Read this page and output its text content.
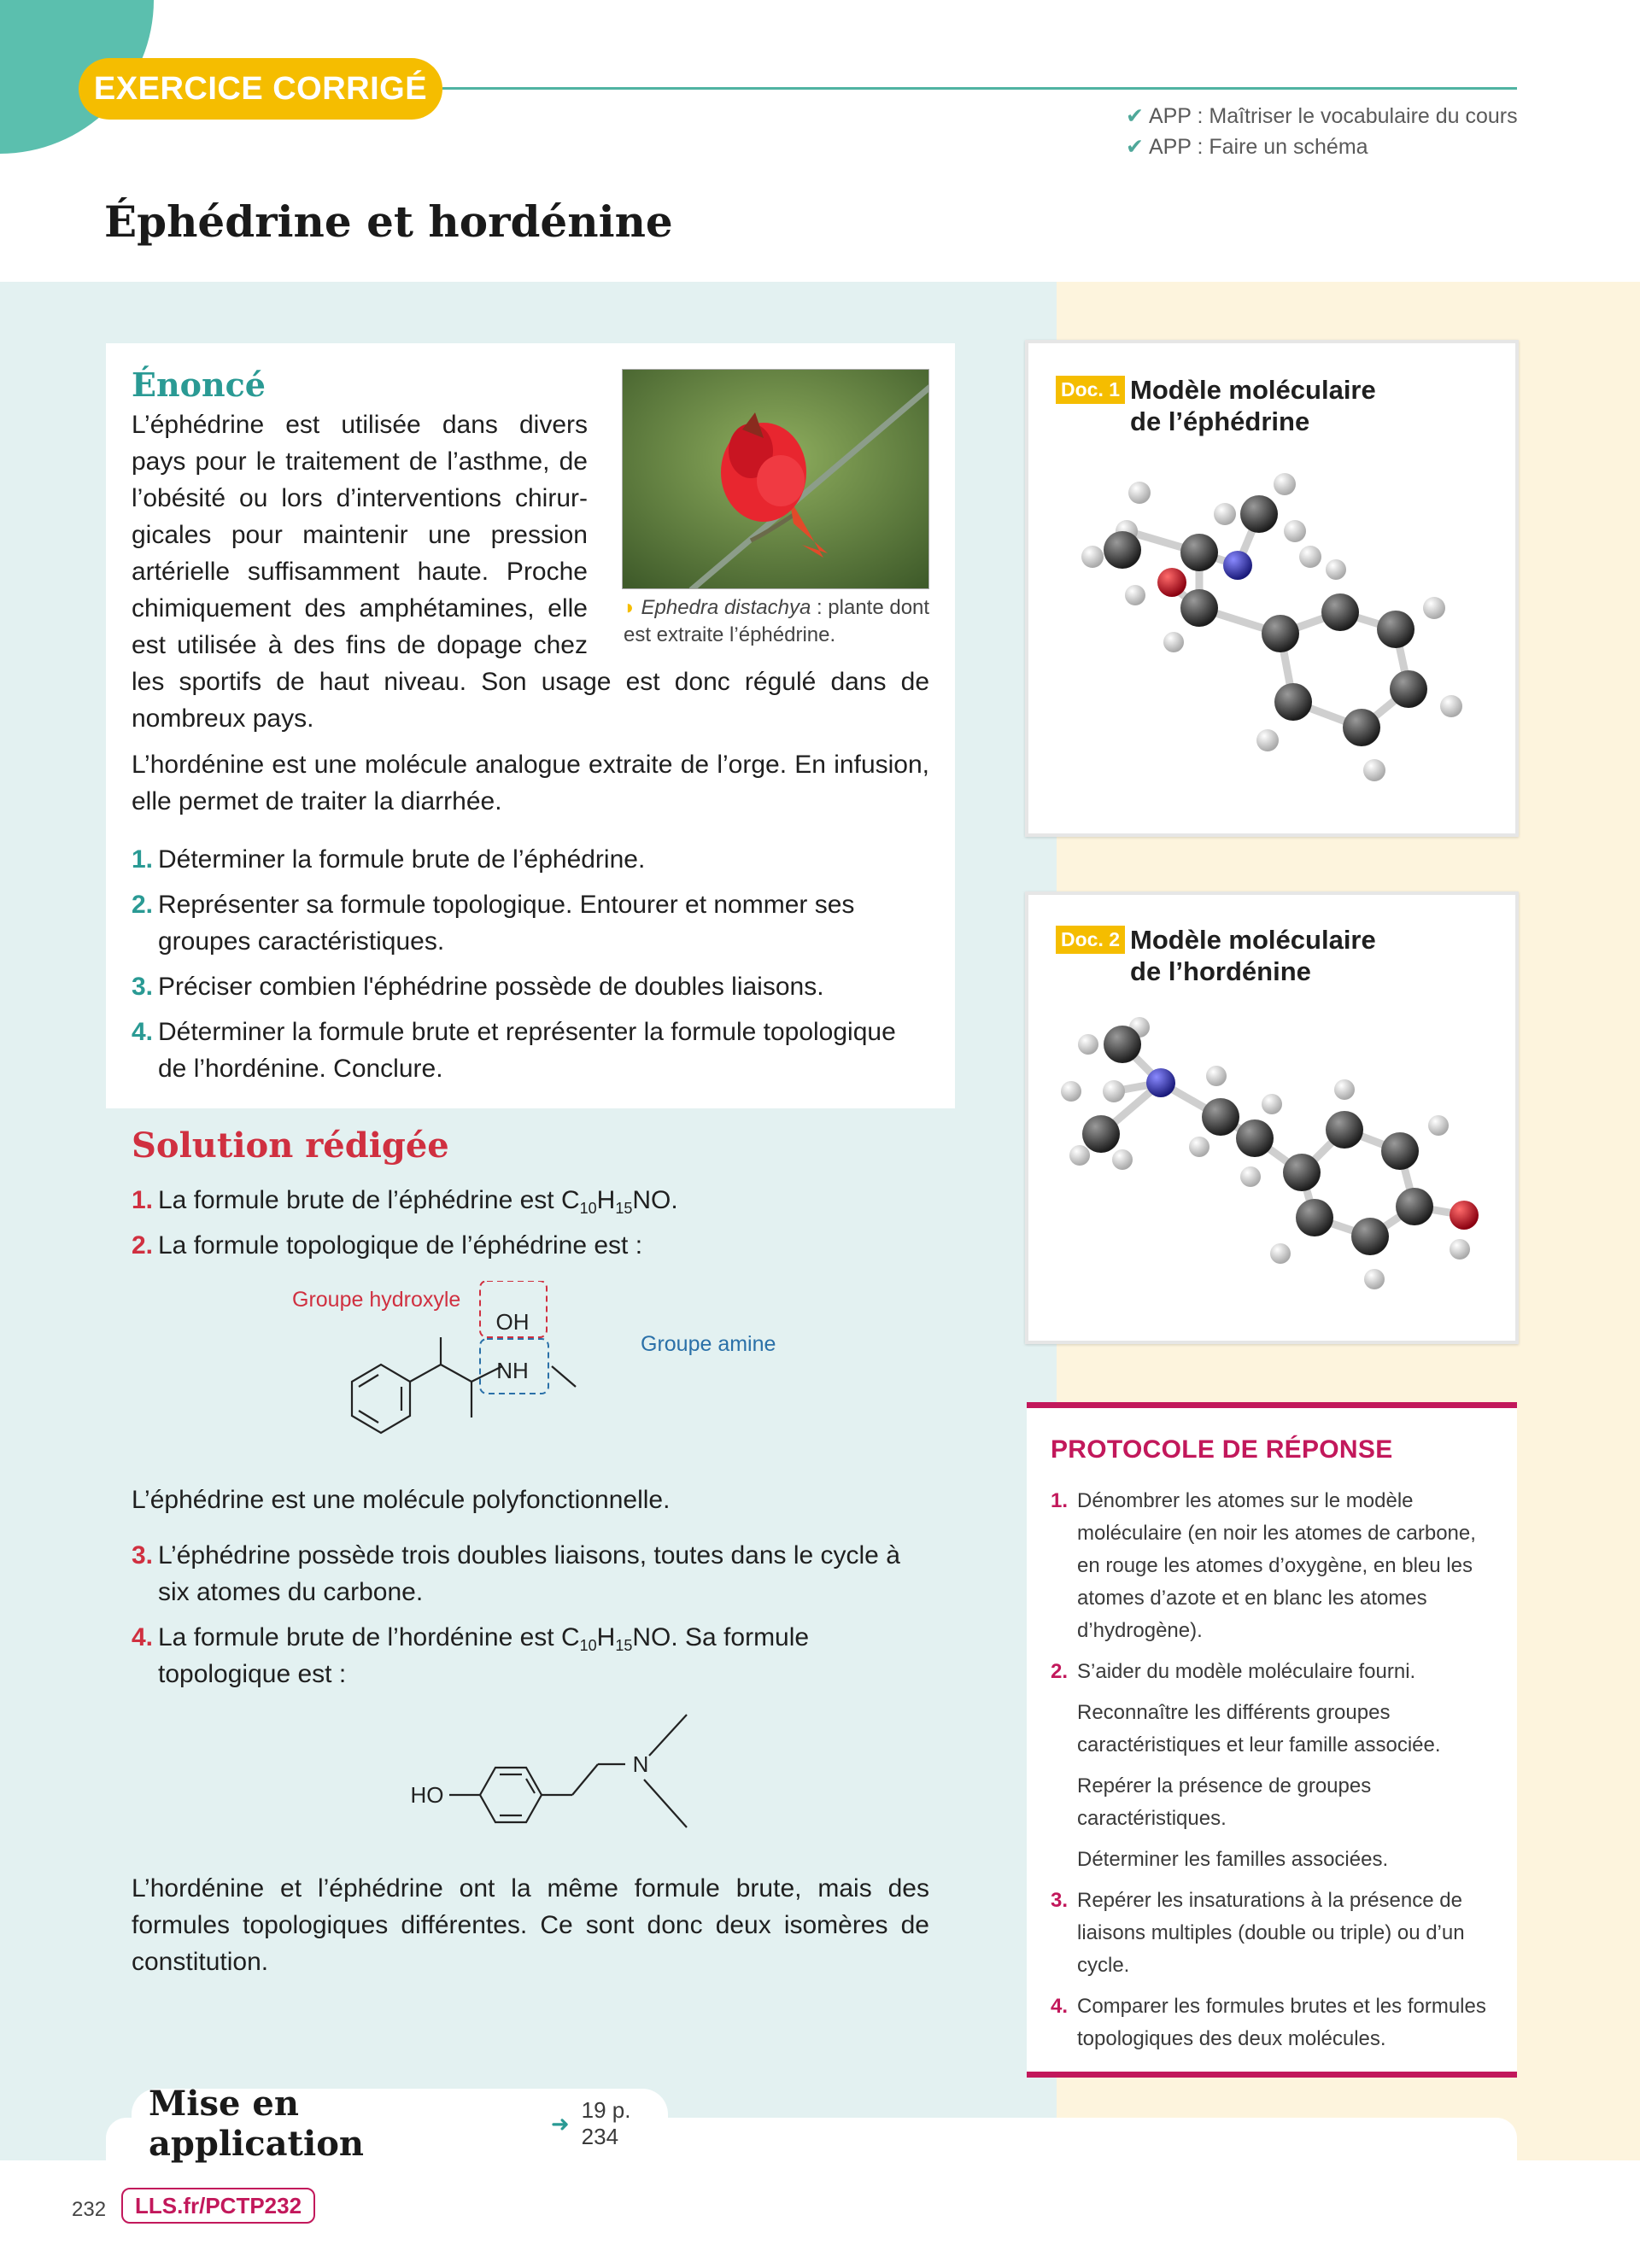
EXERCICE CORRIGÉ
✔ APP : Maîtriser le vocabulaire du cours
✔ APP : Faire un schéma
Éphédrine et hordénine
Énoncé
L’éphédrine est utilisée dans divers
pays pour le traitement de l’asthme, de
l’obésité ou lors d’interventions chirur-
gicales pour maintenir une pression
artérielle suffisamment haute. Proche
chimiquement des amphétamines, elle
est utilisée à des fins de dopage chez
les sportifs de haut niveau. Son usage est donc régulé dans de nombreux pays.
◗ Ephedra distachya : plante dont est extraite l’éphédrine.
L’hordénine est une molécule analogue extraite de l’orge. En infusion, elle permet de traiter la diarrhée.
1. Déterminer la formule brute de l’éphédrine.
2. Représenter sa formule topologique. Entourer et nommer ses groupes caractéristiques.
3. Préciser combien l'éphédrine possède de doubles liaisons.
4. Déterminer la formule brute et représenter la formule topologique de l’hordénine. Conclure.
Solution rédigée
1. La formule brute de l’éphédrine est $C_{10}H_{15}NO$.
2. La formule topologique de l’éphédrine est :
NH
OH
Groupe hydroxyle
Groupe amine
L’éphédrine est une molécule polyfonctionnelle.
3. L’éphédrine possède trois doubles liaisons, toutes dans le cycle à six atomes du carbone.
4. La formule brute de l’hordénine est $C_{10}H_{15}NO$. Sa formule topologique est :
N
HO
L’hordénine et l’éphédrine ont la même formule brute, mais des formules topologiques différentes. Ce sont donc deux isomères de constitution.
Doc. 1 Modèle moléculaire
de l’éphédrine
Doc. 2 Modèle moléculaire
de l’hordénine
PROTOCOLE DE RÉPONSE
1. Dénombrer les atomes sur le modèle moléculaire (en noir les atomes de carbone, en rouge les atomes d’oxygène, en bleu les atomes d’azote et en blanc les atomes d’hydrogène).
2. S’aider du modèle moléculaire fourni.
Reconnaître les différents groupes caractéristiques et leur famille associée.
Repérer la présence de groupes caractéristiques.
Déterminer les familles associées.
3. Repérer les insaturations à la présence de liaisons multiples (double ou triple) ou d’un cycle.
4. Comparer les formules brutes et les formules topologiques des deux molécules.
Mise en application
➜
19 p. 234
232	LLS.fr/PCTP232
